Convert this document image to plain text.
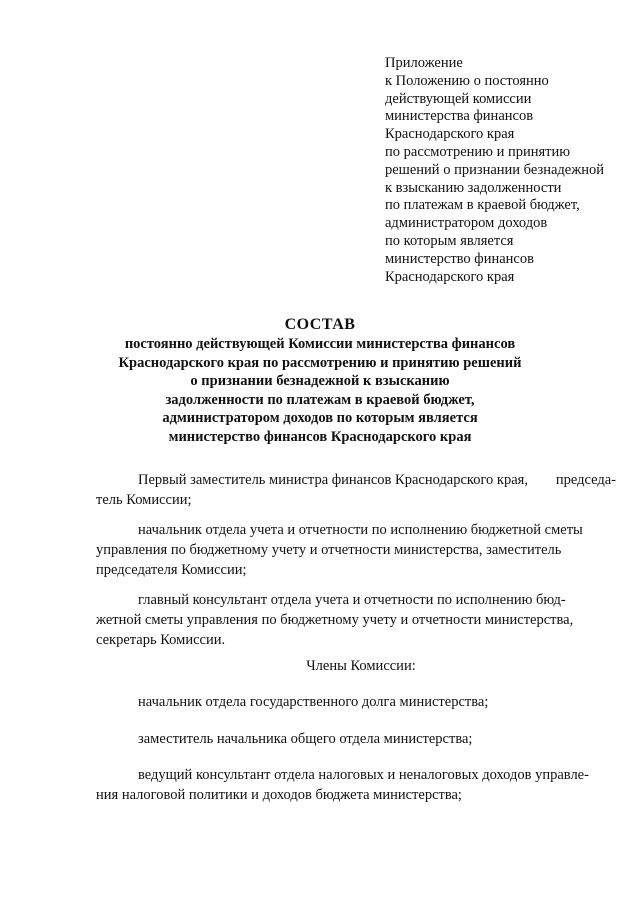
Приложение
к Положению о постоянно
действующей комиссии
министерства финансов
Краснодарского края
по рассмотрению и принятию
решений о признании безнадежной
к взысканию задолженности
по платежам в краевой бюджет,
администратором доходов
по которым является
министерство финансов
Краснодарского края
СОСТАВ
постоянно действующей Комиссии министерства финансов
Краснодарского края по рассмотрению и принятию решений
о признании безнадежной к взысканию
задолженности по платежам в краевой бюджет,
администратором доходов по которым является
министерство финансов Краснодарского края
Первый заместитель министра финансов Краснодарского края, председа-
тель Комиссии;
начальник отдела учета и отчетности по исполнению бюджетной сметы
управления по бюджетному учету и отчетности министерства, заместитель
председателя Комиссии;
главный консультант отдела учета и отчетности по исполнению бюд-
жетной сметы управления по бюджетному учету и отчетности министерства,
секретарь Комиссии.
Члены Комиссии:
начальник отдела государственного долга министерства;
заместитель начальника общего отдела министерства;
ведущий консультант отдела налоговых и неналоговых доходов управле-
ния налоговой политики и доходов бюджета министерства;
